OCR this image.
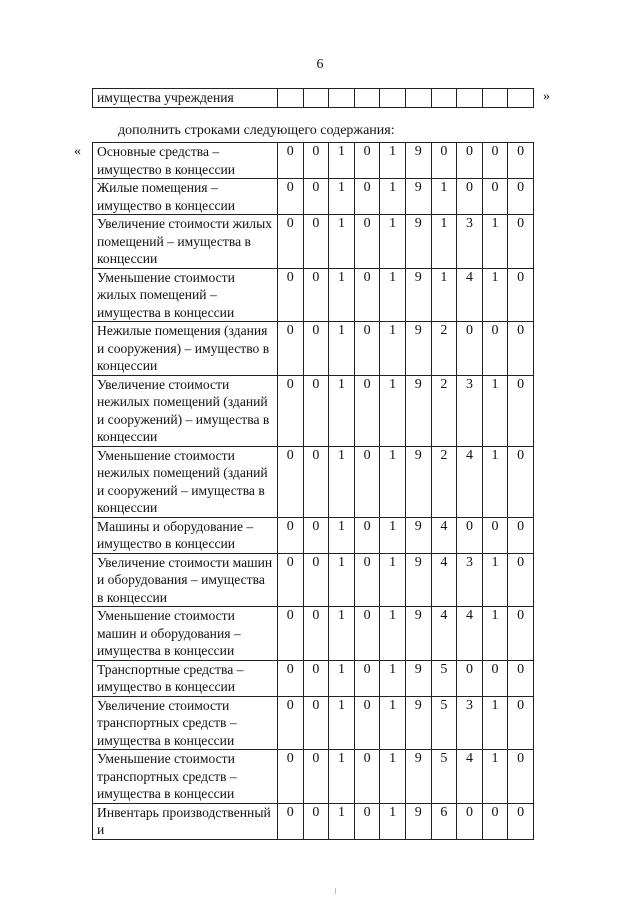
6
имущества учреждения											»
дополнить строками следующего содержания:
« Основные средства – имущество в концессии	0	0	1	0	1	9	0	0	0	0
Жилые помещения – имущество в концессии	0	0	1	0	1	9	1	0	0	0
Увеличение стоимости жилых помещений – имущества в концессии	0	0	1	0	1	9	1	3	1	0
Уменьшение стоимости жилых помещений – имущества в концессии	0	0	1	0	1	9	1	4	1	0
Нежилые помещения (здания и сооружения) – имущество в концессии	0	0	1	0	1	9	2	0	0	0
Увеличение стоимости нежилых помещений (зданий и сооружений) – имущества в концессии	0	0	1	0	1	9	2	3	1	0
Уменьшение стоимости нежилых помещений (зданий и сооружений – имущества в концессии	0	0	1	0	1	9	2	4	1	0
Машины и оборудование – имущество в концессии	0	0	1	0	1	9	4	0	0	0
Увеличение стоимости машин и оборудования – имущества в концессии	0	0	1	0	1	9	4	3	1	0
Уменьшение стоимости машин и оборудования – имущества в концессии	0	0	1	0	1	9	4	4	1	0
Транспортные средства – имущество в концессии	0	0	1	0	1	9	5	0	0	0
Увеличение стоимости транспортных средств – имущества в концессии	0	0	1	0	1	9	5	3	1	0
Уменьшение стоимости транспортных средств – имущества в концессии	0	0	1	0	1	9	5	4	1	0
Инвентарь производственный и	0	0	1	0	1	9	6	0	0	0
